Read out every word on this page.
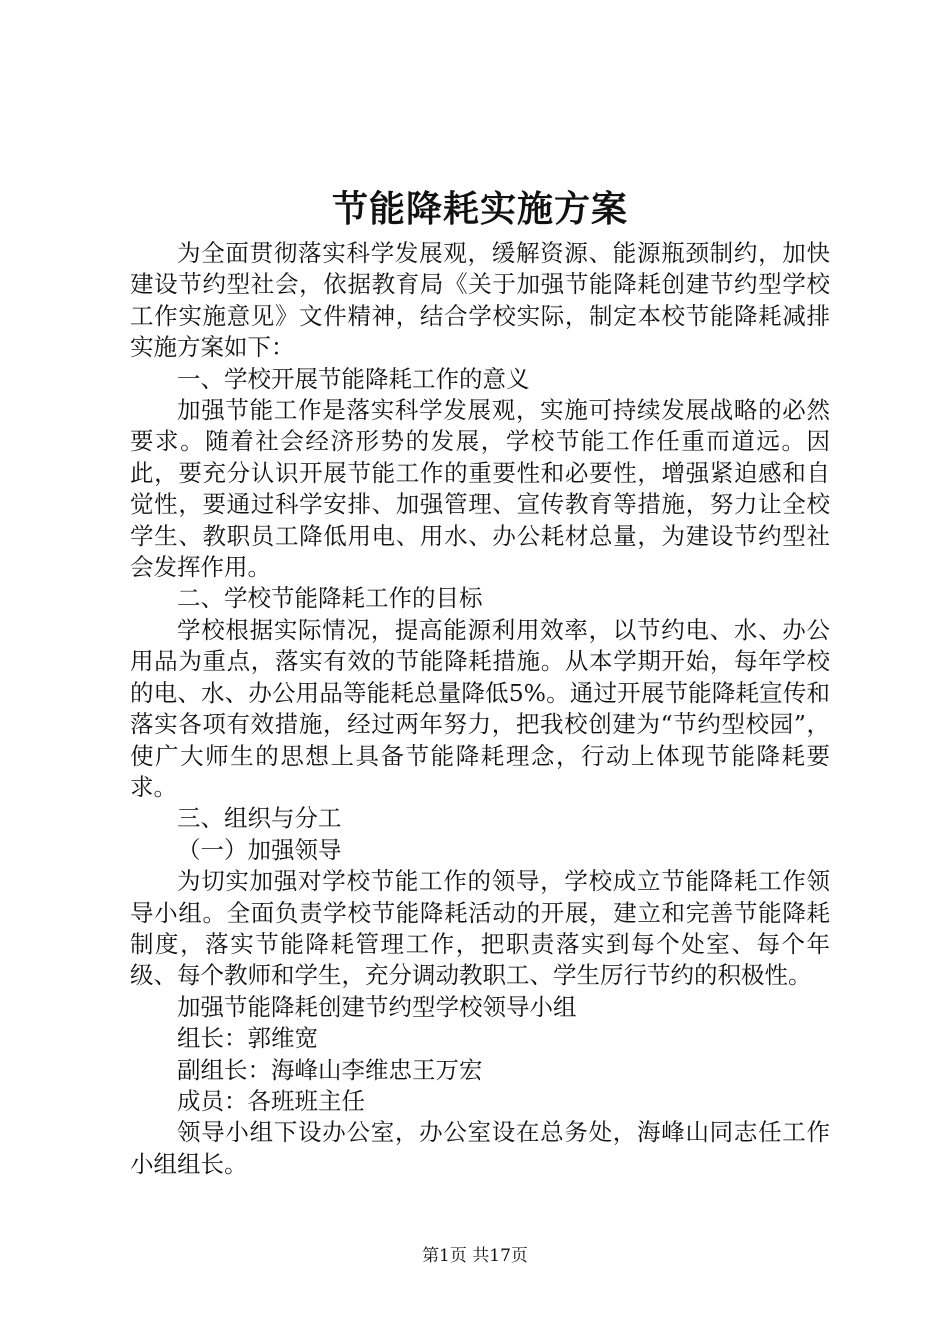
节能降耗实施方案

为全面贯彻落实科学发展观，缓解资源、能源瓶颈制约，加快建设节约型社会，依据教育局《关于加强节能降耗创建节约型学校工作实施意见》文件精神，结合学校实际，制定本校节能降耗减排实施方案如下：

一、学校开展节能降耗工作的意义

加强节能工作是落实科学发展观，实施可持续发展战略的必然要求。随着社会经济形势的发展，学校节能工作任重而道远。因此，要充分认识开展节能工作的重要性和必要性，增强紧迫感和自觉性，要通过科学安排、加强管理、宣传教育等措施，努力让全校学生、教职员工降低用电、用水、办公耗材总量，为建设节约型社会发挥作用。

二、学校节能降耗工作的目标

学校根据实际情况，提高能源利用效率，以节约电、水、办公用品为重点，落实有效的节能降耗措施。从本学期开始，每年学校的电、水、办公用品等能耗总量降低5%。通过开展节能降耗宣传和落实各项有效措施，经过两年努力，把我校创建为“节约型校园”，使广大师生的思想上具备节能降耗理念，行动上体现节能降耗要求。

三、组织与分工

（一）加强领导

为切实加强对学校节能工作的领导，学校成立节能降耗工作领导小组。全面负责学校节能降耗活动的开展，建立和完善节能降耗制度，落实节能降耗管理工作，把职责落实到每个处室、每个年级、每个教师和学生，充分调动教职工、学生厉行节约的积极性。

加强节能降耗创建节约型学校领导小组

组长：郭维宽

副组长：海峰山李维忠王万宏

成员：各班班主任

领导小组下设办公室，办公室设在总务处，海峰山同志任工作小组组长。

第1页 共17页
